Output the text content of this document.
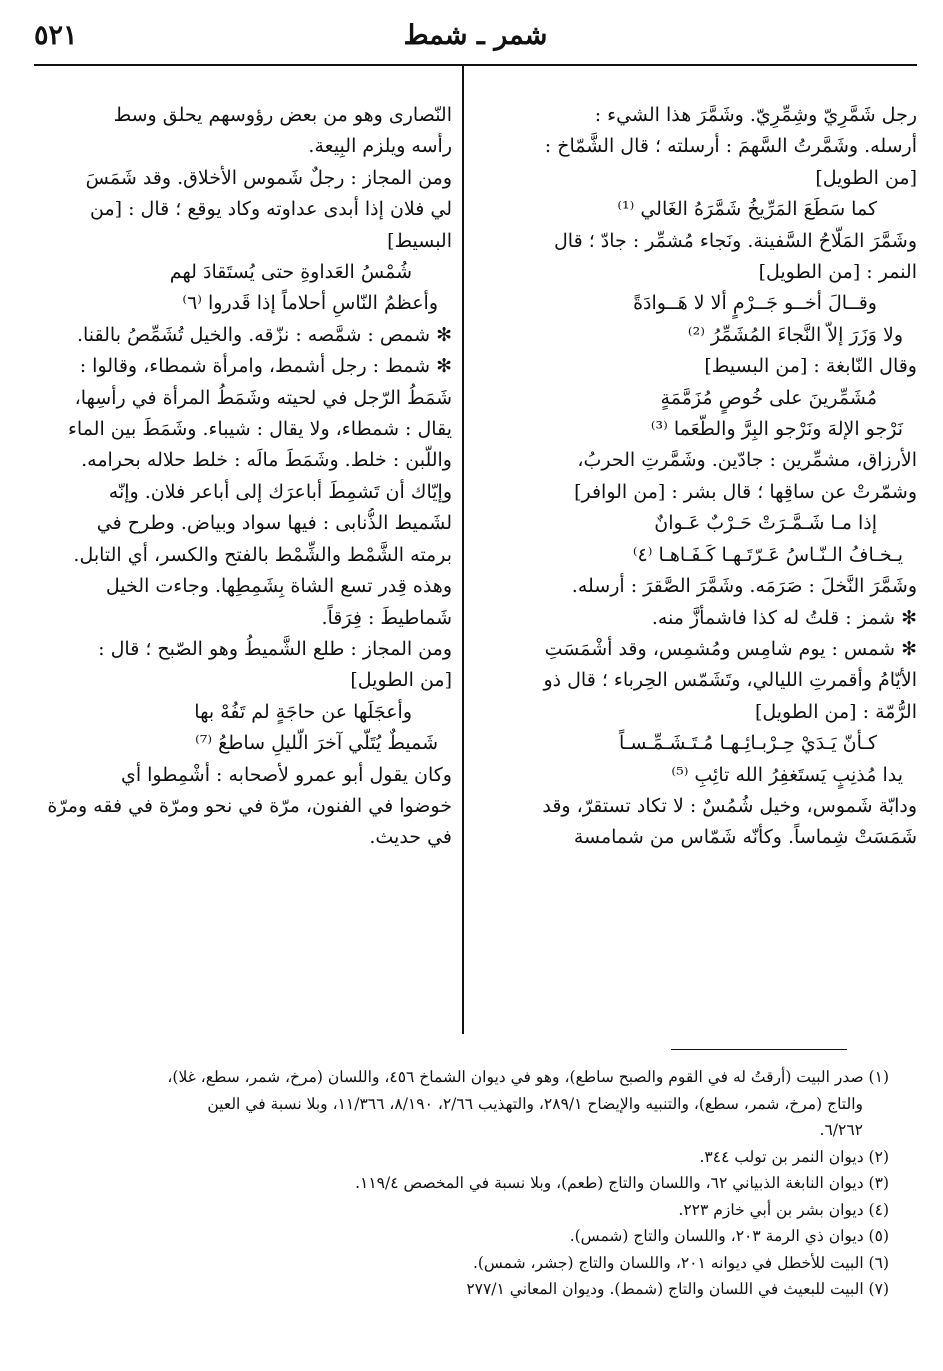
٥٢١	شمر ـ شمط
رجل شَمَّرِيّ وشِمِّرِيّ. وشَمَّرَ هذا الشيء :
أرسله. وشَمَّرتُ السَّهمَ : أرسلته ؛ قال الشَّمّاخ :
[من الطويل]
كما سَطَعَ المَرِّيخُ شَمَّرَهُ الغَالي ⁽¹⁾
وشَمَّرَ المَلّاحُ السَّفينة. ونَجاء مُشمِّر : جادّ ؛ قال
النمر : [من الطويل]
وقــالَ أخــو جَــرْمٍ ألا لا هَــوادَةً
ولا وَزَرَ إلاّ النَّجاءَ المُشَمِّرُ ⁽²⁾
وقال النّابغة : [من البسيط]
مُشَمِّرينَ على خُوصٍ مُزَمَّمَةٍ
نَرْجو الإلهَ ونَرْجو البِرَّ والطُّعَما ⁽³⁾
الأرزاق، مشمِّرين : جادّين. وشَمَّرتِ الحربُ،
وشمّرتْ عن ساقِها ؛ قال بشر : [من الوافر]
إذا مـا شَـمَّـرَتْ حَـرْبٌ عَـوانٌ
يـخـافُ الـنّـاسُ عَـرّتَـهـا كَـفَـاهـا ⁽٤⁾
وشَمَّرَ النَّخلَ : صَرَمَه. وشَمَّرَ الصَّقرَ : أرسله.
✻ شمز : قلتُ له كذا فاشمأزَّ منه.
✻ شمس : يوم شامِس ومُشمِس، وقد أشْمَسَتِ
الأيّامُ وأقمرتِ الليالي، وتَشَمّس الحِرباء ؛ قال ذو
الرُّمّة : [من الطويل]
كـأنّ يَـدَيْ حِـرْبـائِـهـا مُـتَـشَـمِّـسـاً
يدا مُذنِبٍ يَستَغفِرُ الله تائِبِ ⁽⁵⁾
ودابّة شَموس، وخيل شُمُسٌ : لا تكاد تستقرّ، وقد
شَمَسَتْ شِماساً. وكأنّه شَمّاس من شمامسة
النّصارى وهو من بعض رؤوسهم يحلق وسط
رأسه ويلزم البِيعة.
ومن المجاز : رجلٌ شَموس الأخلاق. وقد شَمَسَ
لي فلان إذا أبدى عداوته وكاد يوقع ؛ قال : [من
البسيط]
شُمْسُ العَداوةِ حتى يُستَقادَ لهم
وأعظمُ النّاسِ أحلاماً إذا قَدروا ⁽٦⁾
✻ شمص : شمَّصه : نزّقه. والخيل تُشَمِّصُ بالقنا.
✻ شمط : رجل أشمط، وامرأة شمطاء، وقالوا :
شَمَطُ الرّجل في لحيته وشَمَطُ المرأة في رأسِها،
يقال : شمطاء، ولا يقال : شيباء. وشَمَطَ بين الماء
واللّبن : خلط. وشَمَطَ مالَه : خلط حلاله بحرامه.
وإيّاك أن تَشمِطَ أباعرَك إلى أباعر فلان. وإنّه
لشَميط الذُّنابى : فيها سواد وبياض. وطرح في
برمته الشَّمْط والشِّمْط بالفتح والكسر، أي التابل.
وهذه قِدر تسع الشاة بِشَمِطِها. وجاءت الخيل
شَماطيطَ : فِرَقاً.
ومن المجاز : طلع الشَّميطُ وهو الصّبح ؛ قال :
[من الطويل]
وأعجَلَها عن حاجَةٍ لم تَفُهْ بها
شَميطٌ يُتَلّي آخرَ الّليلِ ساطعُ ⁽⁷⁾
وكان يقول أبو عمرو لأصحابه : أشْمِطوا أي
خوضوا في الفنون، مرّة في نحو ومرّة في فقه ومرّة
في حديث.
(١) صدر البيت (أرقتُ له في القوم والصبح ساطع)، وهو في ديوان الشماخ ٤٥٦، واللسان (مرخ، شمر، سطع، غلا)،
والتاج (مرخ، شمر، سطع)، والتنبيه والإيضاح ٢٨٩/١، والتهذيب ٢/٦٦، ٨/١٩٠، ١١/٣٦٦، وبلا نسبة في العين
٦/٢٦٢.
(٢) ديوان النمر بن تولب ٣٤٤.
(٣) ديوان النابغة الذبياني ٦٢، واللسان والتاج (طعم)، وبلا نسبة في المخصص ١١٩/٤.
(٤) ديوان بشر بن أبي خازم ٢٢٣.
(٥) ديوان ذي الرمة ٢٠٣، واللسان والتاج (شمس).
(٦) البيت للأخطل في ديوانه ٢٠١، واللسان والتاج (جشر، شمس).
(٧) البيت للبعيث في اللسان والتاج (شمط). وديوان المعاني ٢٧٧/١
